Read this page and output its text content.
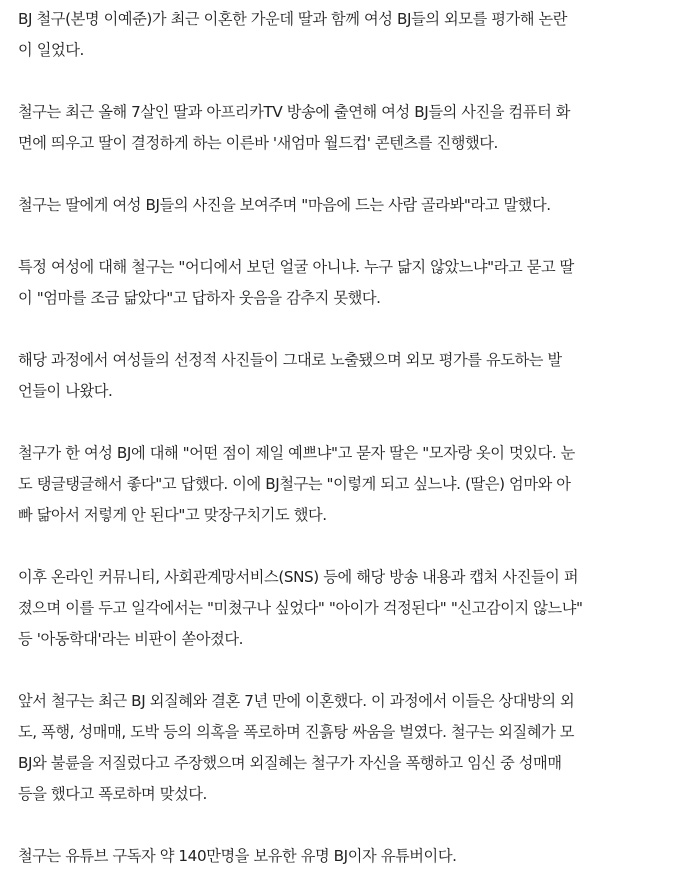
BJ 철구(본명 이예준)가 최근 이혼한 가운데 딸과 함께 여성 BJ들의 외모를 평가해 논란
이 일었다.

철구는 최근 올해 7살인 딸과 아프리카TV 방송에 출연해 여성 BJ들의 사진을 컴퓨터 화
면에 띄우고 딸이 결정하게 하는 이른바 '새엄마 월드컵' 콘텐츠를 진행했다.

철구는 딸에게 여성 BJ들의 사진을 보여주며 "마음에 드는 사람 골라봐"라고 말했다.

특정 여성에 대해 철구는 "어디에서 보던 얼굴 아니냐. 누구 닮지 않았느냐"라고 묻고 딸
이 "엄마를 조금 닮았다"고 답하자 웃음을 감추지 못했다.

해당 과정에서 여성들의 선정적 사진들이 그대로 노출됐으며 외모 평가를 유도하는 발
언들이 나왔다.

철구가 한 여성 BJ에 대해 "어떤 점이 제일 예쁘냐"고 묻자 딸은 "모자랑 옷이 멋있다. 눈
도 탱글탱글해서 좋다"고 답했다. 이에 BJ철구는 "이렇게 되고 싶느냐. (딸은) 엄마와 아
빠 닮아서 저렇게 안 된다"고 맞장구치기도 했다.

이후 온라인 커뮤니티, 사회관계망서비스(SNS) 등에 해당 방송 내용과 캡처 사진들이 퍼
졌으며 이를 두고 일각에서는 "미쳤구나 싶었다" "아이가 걱정된다" "신고감이지 않느냐"
등 '아동학대'라는 비판이 쏟아졌다.

앞서 철구는 최근 BJ 외질혜와 결혼 7년 만에 이혼했다. 이 과정에서 이들은 상대방의 외
도, 폭행, 성매매, 도박 등의 의혹을 폭로하며 진흙탕 싸움을 벌였다. 철구는 외질혜가 모
BJ와 불륜을 저질렀다고 주장했으며 외질혜는 철구가 자신을 폭행하고 임신 중 성매매
등을 했다고 폭로하며 맞섰다.

철구는 유튜브 구독자 약 140만명을 보유한 유명 BJ이자 유튜버이다.
